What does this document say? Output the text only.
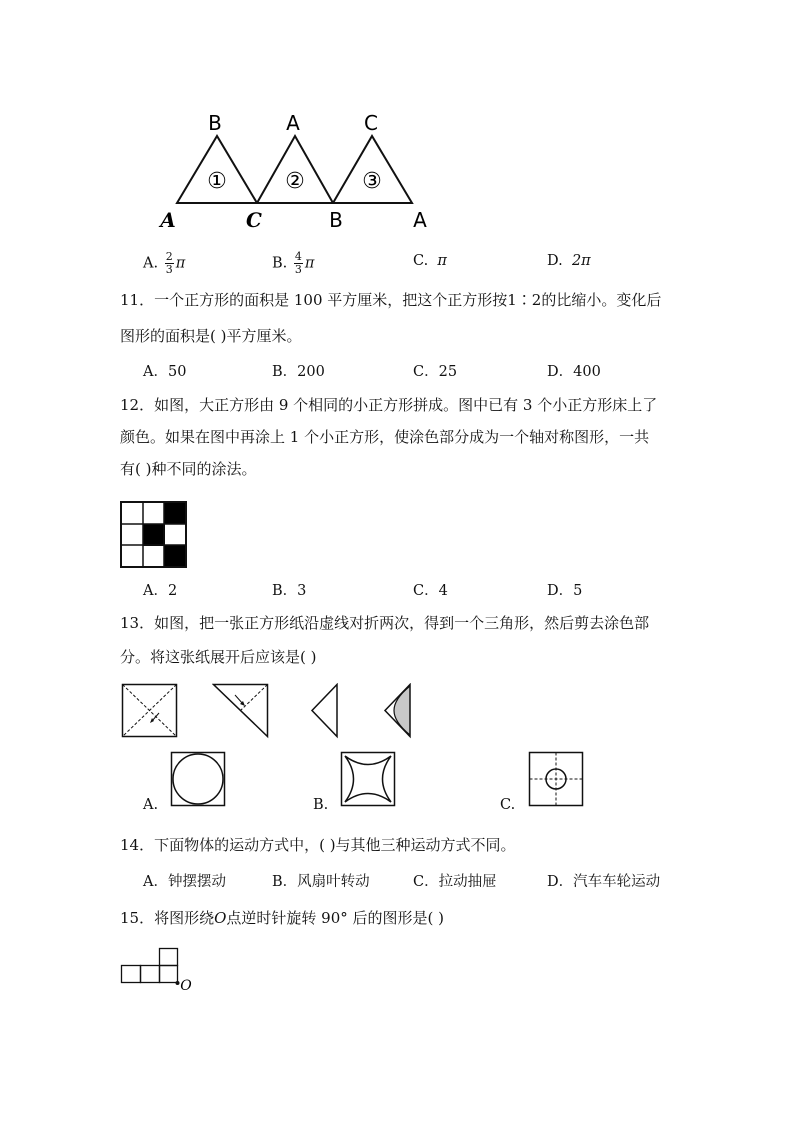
B	A	C
①	②	③
A	C	B	A
A. $\frac{2}{3}$ π	B. $\frac{4}{3}$ π	C. π	D. 2π
11．一个正方形的面积是 100 平方厘米，把这个正方形按1∶2的比缩小。变化后
图形的面积是( )平方厘米。
A．50	B．200	C．25	D．400
12．如图，大正方形由 9 个相同的小正方形拼成。图中已有 3 个小正方形床上了
颜色。如果在图中再涂上 1 个小正方形，使涂色部分成为一个轴对称图形，一共
有( )种不同的涂法。
A．2	B．3	C．4	D．5
13．如图，把一张正方形纸沿虚线对折两次，得到一个三角形，然后剪去涂色部
分。将这张纸展开后应该是( )
A.	B.	C.
14．下面物体的运动方式中，( )与其他三种运动方式不同。
A．钟摆摆动	B．风扇叶转动	C．拉动抽屉	D．汽车车轮运动
15．将图形绕O点逆时针旋转 90° 后的图形是( )
O
